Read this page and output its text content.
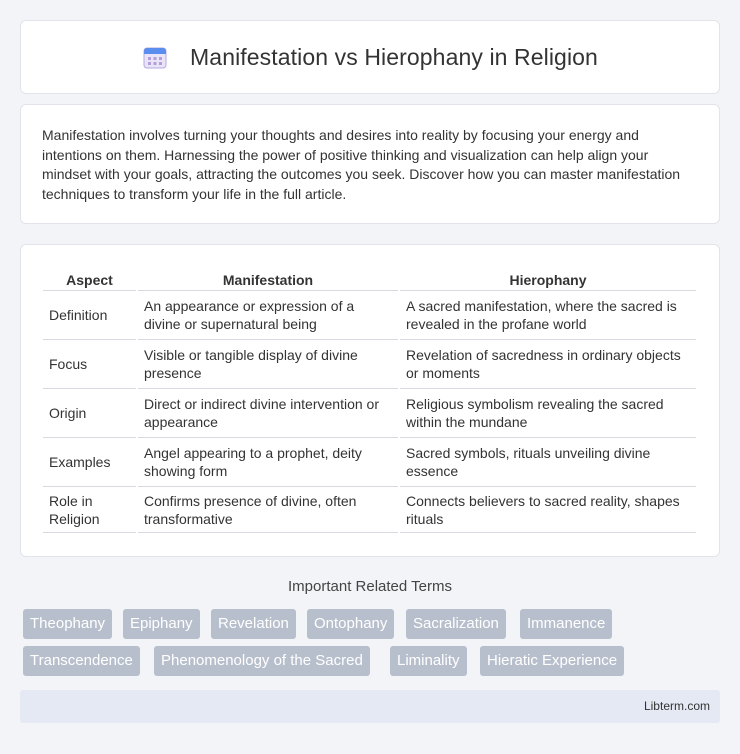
Manifestation vs Hierophany in Religion

Manifestation involves turning your thoughts and desires into reality by focusing your energy and intentions on them. Harnessing the power of positive thinking and visualization can help align your mindset with your goals, attracting the outcomes you seek. Discover how you can master manifestation techniques to transform your life in the full article.

Aspect	Manifestation	Hierophany
Definition	An appearance or expression of a divine or supernatural being	A sacred manifestation, where the sacred is revealed in the profane world
Focus	Visible or tangible display of divine presence	Revelation of sacredness in ordinary objects or moments
Origin	Direct or indirect divine intervention or appearance	Religious symbolism revealing the sacred within the mundane
Examples	Angel appearing to a prophet, deity showing form	Sacred symbols, rituals unveiling divine essence
Role in Religion	Confirms presence of divine, often transformative	Connects believers to sacred reality, shapes rituals
Important Related Terms
Theophany	Epiphany	Revelation	Ontophany	Sacralization	Immanence
Transcendence	Phenomenology of the Sacred	Liminality	Hieratic Experience
Libterm.com
